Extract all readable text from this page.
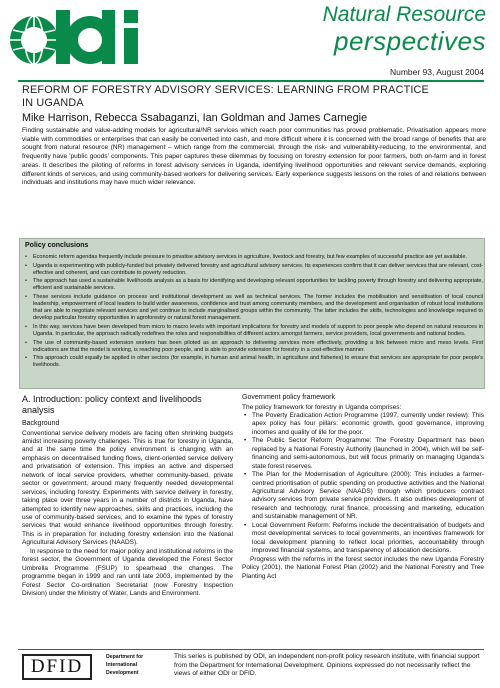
Natural Resource
perspectives
Number 93, August 2004
REFORM OF FORESTRY ADVISORY SERVICES: LEARNING FROM PRACTICE IN UGANDA
Mike Harrison, Rebecca Ssabaganzi, Ian Goldman and James Carnegie
Finding sustainable and value-adding models for agricultural/NR services which reach poor communities has proved problematic. Privatisation appears more viable with commodities or enterprises that can easily be converted into cash, and more difficult where it is concerned with the broad range of benefits that are sought from natural resource (NR) management – which range from the commercial, through the risk- and vulnerability-reducing, to the environmental, and frequently have 'public goods' components. This paper captures these dilemmas by focusing on forestry extension for poor farmers, both on-farm and in forest areas. It describes the piloting of reforms in forest advisory services in Uganda, identifying livelihood opportunities and relevant service demands, exploring different kinds of services, and using community-based workers for delivering services. Early experience suggests lessons on the roles of and relations between individuals and institutions may have much wider relevance.
Policy conclusions
• Economic reform agendas frequently include pressure to privatise advisory services in agriculture, livestock and forestry, but few examples of successful practice are yet available.
• Uganda is experimenting with publicly-funded but privately delivered forestry and agricultural advisory services. Its experiences confirm that it can deliver services that are relevant, cost-effective and coherent, and can contribute to poverty reduction.
• The approach has used a sustainable livelihoods analysis as a basis for identifying and developing relevant opportunities for tackling poverty through forestry and delivering appropriate, efficient and sustainable services.
• These services include guidance on process and institutional development as well as technical services. The former includes the mobilisation and sensitisation of local council leadership, empowerment of local leaders to build wider awareness, confidence and trust among community members, and the development and organisation of robust local institutions that are able to negotiate relevant services and yet continue to include marginalised groups within the community. The latter includes the skills, technologies and knowledge required to develop particular forestry opportunities in agroforestry or natural forest management.
• In this way, services have been developed from micro to macro levels with important implications for forestry and models of support to poor people who depend on natural resources in Uganda. In particular, the approach radically redefines the roles and responsibilities of different actors amongst farmers, service providers, local governments and national bodies.
• The use of community-based extension workers has been piloted as an approach to delivering services more effectively, providing a link between micro and meso levels. First indications are that the model is working, is reaching poor people, and is able to provide extension for forestry in a cost-effective manner.
• This approach could equally be applied in other sectors (for example, in human and animal health, in agriculture and fisheries) to ensure that services are appropriate for poor people's livelihoods.
A. Introduction: policy context and livelihoods analysis
Background

Conventional service delivery models are facing often shrinking budgets amidst increasing poverty challenges. This is true for forestry in Uganda, and at the same time the policy environment is changing with an emphasis on decentralised funding flows, client-oriented service delivery and privatisation of extension. This implies an active and dispersed network of local service providers, whether community-based, private sector or government, around many frequently needed developmental services, including forestry. Experiments with service delivery in forestry, taking place over three years in a number of districts in Uganda, have attempted to identify new approaches, skills and practices, including the use of community-based services, and to examine the types of forestry services that would enhance livelihood opportunities through forestry. This is in preparation for including forestry extension into the National Agricultural Advisory Services (NAADS).

In response to the need for major policy and institutional reforms in the forest sector, the Government of Uganda developed the Forest Sector Umbrella Programme (FSUP) to spearhead the changes. The programme began in 1999 and ran until late 2003, implemented by the Forest Sector Co-ordination Secretariat (now Forestry Inspection Division) under the Ministry of Water, Lands and Environment.

Government policy framework

The policy framework for forestry in Uganda comprises:

• The Poverty Eradication Action Programme (1997, currently under review): This apex policy has four pillars: economic growth, good governance, improving incomes and quality of life for the poor.
• The Public Sector Reform Programme: The Forestry Department has been replaced by a National Forestry Authority (launched in 2004), which will be self-financing and semi-autonomous, but will focus primarily on managing Uganda's state forest reserves.
• The Plan for the Modernisation of Agriculture (2000): This includes a farmer-centred prioritisation of public spending on productive activities and the National Agricultural Advisory Service (NAADS) through which producers contract advisory services from private service providers. It also outlines development of research and technology, rural finance, processing and marketing, education and sustainable management of NR.
• Local Government Reform: Reforms include the decentralisation of budgets and most developmental services to local governments, an incentives framework for local development planning to reflect local priorities, accountability through improved financial systems, and transparency of allocation decisions.

Progress with the reforms in the forest sector includes the new Uganda Forestry Policy (2001), the National Forest Plan (2002) and the National Forestry and Tree Planting Act

DFID	Department for
International
Development
This series is published by ODI, an independent non-profit policy research institute, with financial support from the Department for International Development. Opinions expressed do not necessarily reflect the views of either ODI or DFID.
